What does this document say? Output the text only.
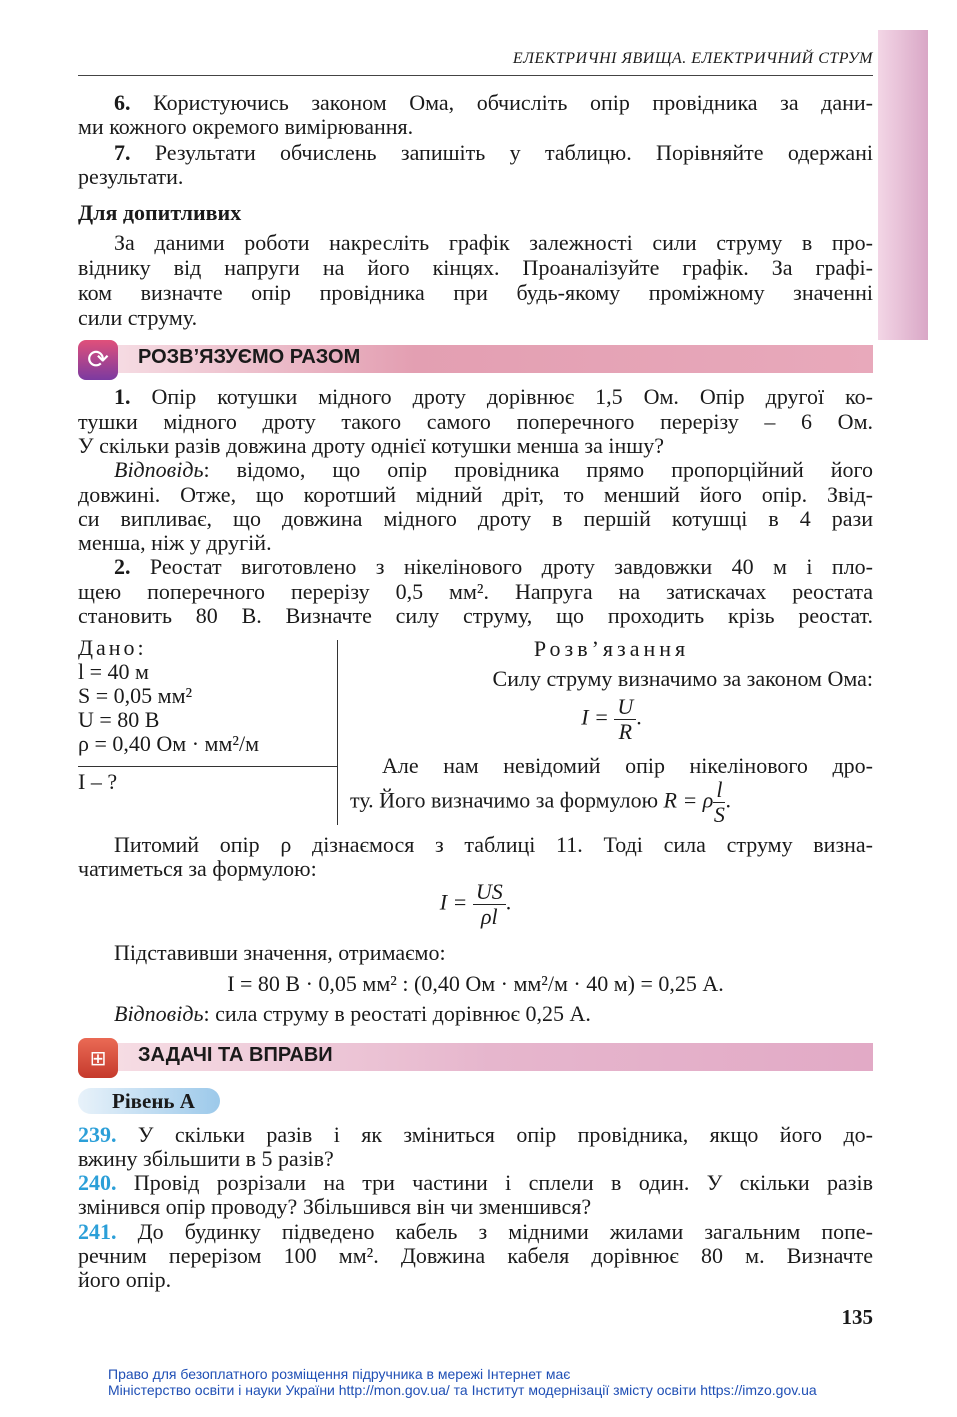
ЕЛЕКТРИЧНІ ЯВИЩА. ЕЛЕКТРИЧНИЙ СТРУМ
6. Користуючись законом Ома, обчисліть опір провідника за дани-
ми кожного окремого вимірювання.
7. Результати обчислень запишіть у таблицю. Порівняйте одержані
результати.
Для допитливих
За даними роботи накресліть графік залежності сили струму в про-
віднику від напруги на його кінцях. Проаналізуйте графік. За графі-
ком визначте опір провідника при будь-якому проміжному значенні
сили струму.
⟳	РОЗВ’ЯЗУЄМО РАЗОМ
1. Опір котушки мідного дроту дорівнює 1,5 Ом. Опір другої ко-
тушки мідного дроту такого самого поперечного перерізу – 6 Ом.
У скільки разів довжина дроту однієї котушки менша за іншу?
Відповідь: відомо, що опір провідника прямо пропорційний його
довжині. Отже, що коротший мідний дріт, то менший його опір. Звід-
си випливає, що довжина мідного дроту в першій котушці в 4 рази
менша, ніж у другій.
2. Реостат виготовлено з нікелінового дроту завдовжки 40 м і пло-
щею поперечного перерізу 0,5 мм². Напруга на затискачах реостата
становить 80 В. Визначте силу струму, що проходить крізь реостат.
Дано:
l = 40 м
S = 0,05 мм²
U = 80 В
ρ = 0,40 Ом · мм²/м
I – ?
Розв’язання
Силу струму визначимо за законом Ома:
$I = \frac{U}{R}$ .
Але нам невідомий опір нікелінового дро-
ту. Його визначимо за формулою R = ρ $\frac{l}{S}$ .
Питомий опір ρ дізнаємося з таблиці 11. Тоді сила струму визна-
чатиметься за формулою:
$I = \frac{US}{\rho l}$ .
Підставивши значення, отримаємо:
I = 80 В · 0,05 мм² : (0,40 Ом · мм²/м · 40 м) = 0,25 А.
Відповідь: сила струму в реостаті дорівнює 0,25 А.
⊞	ЗАДАЧІ ТА ВПРАВИ
Рівень А
239. У скільки разів і як зміниться опір провідника, якщо його до-
вжину збільшити в 5 разів?
240. Провід розрізали на три частини і сплели в один. У скільки разів
змінився опір проводу? Збільшився він чи зменшився?
241. До будинку підведено кабель з мідними жилами загальним попе-
речним перерізом 100 мм². Довжина кабеля дорівнює 80 м. Визначте
його опір.
135
Право для безоплатного розміщення підручника в мережі Інтернет має
Міністерство освіти і науки України http://mon.gov.ua/ та Інститут модернізації змісту освіти https://imzo.gov.ua
